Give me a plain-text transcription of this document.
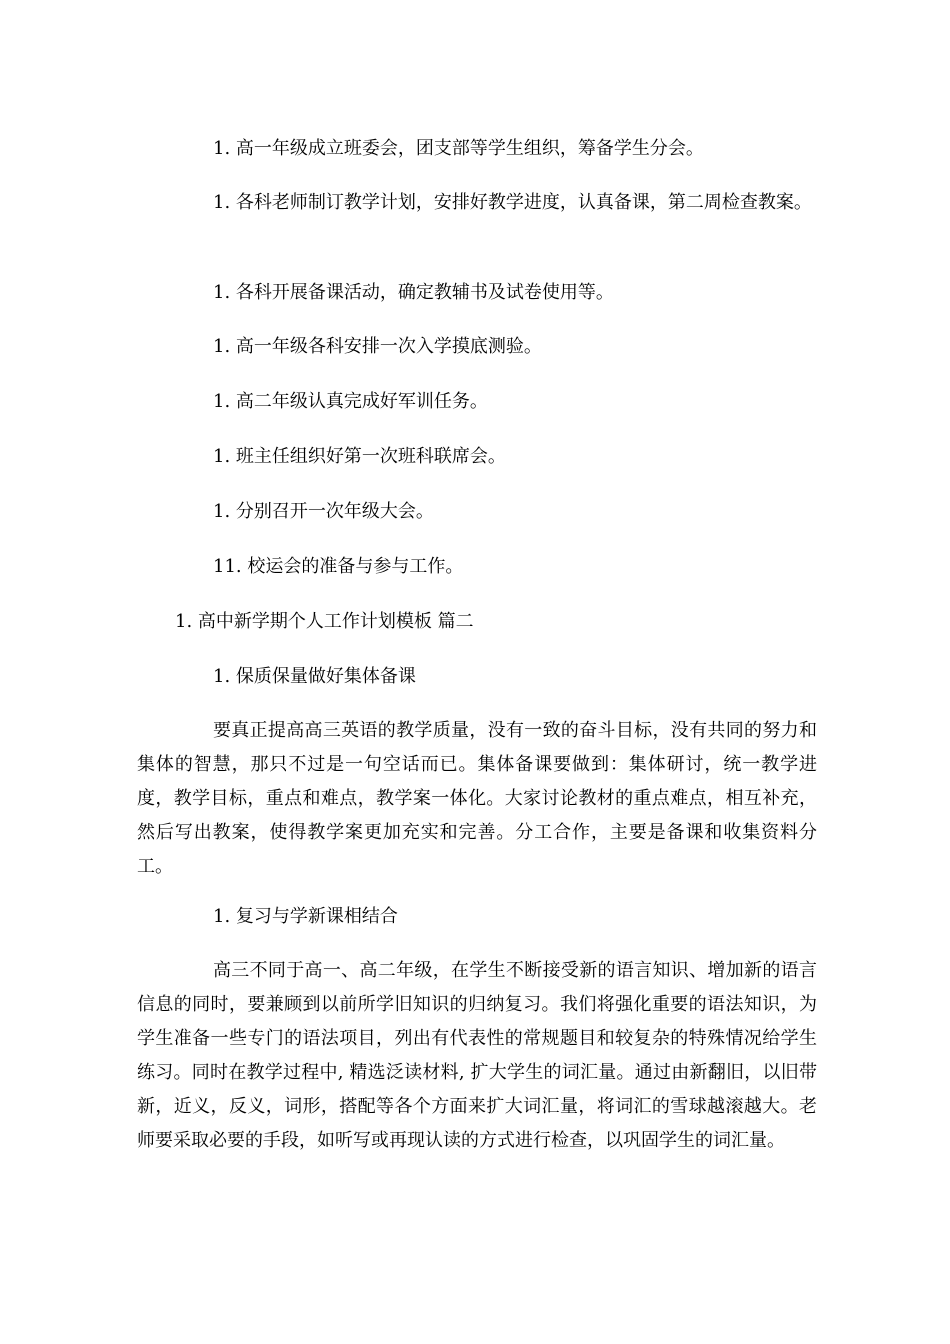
1. 高一年级成立班委会，团支部等学生组织，筹备学生分会。
1. 各科老师制订教学计划，安排好教学进度，认真备课，第二周检查教案。
1. 各科开展备课活动，确定教辅书及试卷使用等。
1. 高一年级各科安排一次入学摸底测验。
1. 高二年级认真完成好军训任务。
1. 班主任组织好第一次班科联席会。
1. 分别召开一次年级大会。
11. 校运会的准备与参与工作。
1. 高中新学期个人工作计划模板 篇二
1. 保质保量做好集体备课
要真正提高高三英语的教学质量，没有一致的奋斗目标，没有共同的努力和集体的智慧，那只不过是一句空话而已。集体备课要做到：集体研讨，统一教学进度，教学目标，重点和难点，教学案一体化。大家讨论教材的重点难点，相互补充，然后写出教案，使得教学案更加充实和完善。分工合作，主要是备课和收集资料分工。
1. 复习与学新课相结合
高三不同于高一、高二年级，在学生不断接受新的语言知识、增加新的语言信息的同时，要兼顾到以前所学旧知识的归纳复习。我们将强化重要的语法知识，为学生准备一些专门的语法项目，列出有代表性的常规题目和较复杂的特殊情况给学生练习。同时在教学过程中, 精选泛读材料, 扩大学生的词汇量。通过由新翻旧，以旧带新，近义，反义，词形，搭配等各个方面来扩大词汇量，将词汇的雪球越滚越大。老师要采取必要的手段，如听写或再现认读的方式进行检查，以巩固学生的词汇量。
